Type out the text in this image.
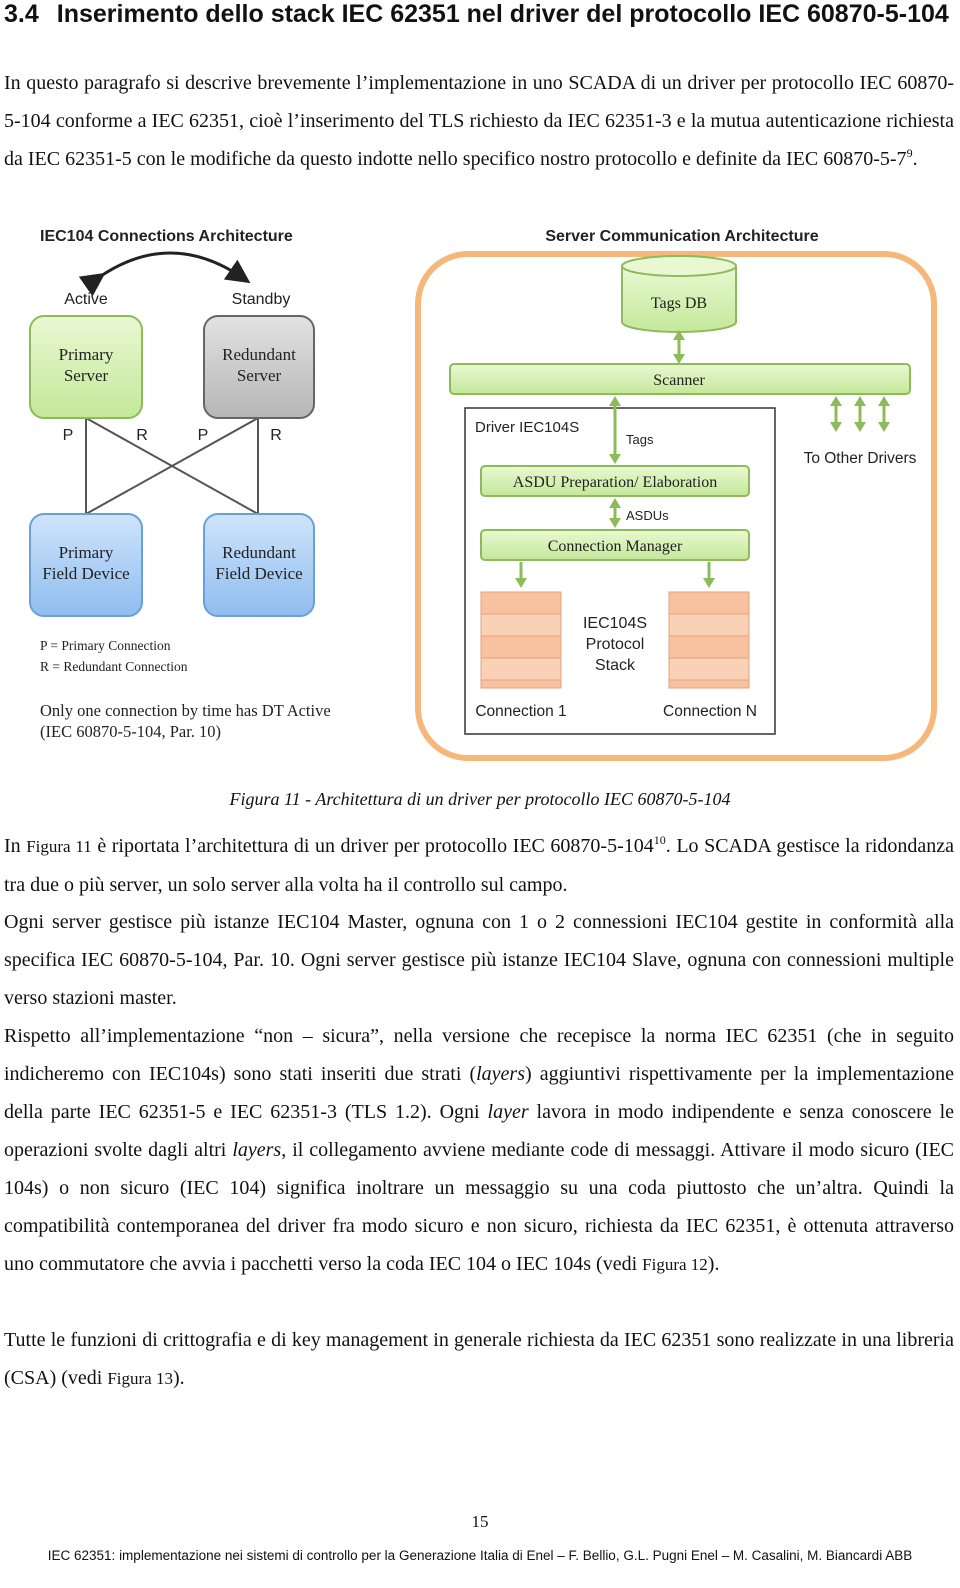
3.4 Inserimento dello stack IEC 62351 nel driver del protocollo IEC 60870-5-104

In questo paragrafo si descrive brevemente l’implementazione in uno SCADA di un driver per protocollo IEC 60870-5-104 conforme a IEC 62351, cioè l’inserimento del TLS richiesto da IEC 62351-3 e la mutua autenticazione richiesta da IEC 62351-5 con le modifiche da questo indotte nello specifico nostro protocollo e definite da IEC $60870-5-7^9$.

IEC104 Connections Architecture
Active	Standby
Primary
Server
Redundant
Server
P	R	P	R
Primary
Field Device
Redundant
Field Device
P = Primary Connection
R = Redundant Connection
Only one connection by time has DT Active
(IEC 60870-5-104, Par. 10)
Server Communication Architecture
Tags DB
Scanner
Driver IEC104S
Tags
To Other Drivers
ASDU Preparation/ Elaboration
ASDUs
Connection Manager
IEC104S
Protocol
Stack
Connection 1	Connection N

Figura 11 - Architettura di un driver per protocollo IEC 60870-5-104

In Figura 11 è riportata l’architettura di un driver per protocollo IEC $60870-5-104^{10}$. Lo SCADA gestisce la ridondanza tra due o più server, un solo server alla volta ha il controllo sul campo.

Ogni server gestisce più istanze IEC104 Master, ognuna con 1 o 2 connessioni IEC104 gestite in conformità alla specifica IEC 60870-5-104, Par. 10. Ogni server gestisce più istanze IEC104 Slave, ognuna con connessioni multiple verso stazioni master.

Rispetto all’implementazione “non – sicura”, nella versione che recepisce la norma IEC 62351 (che in seguito indicheremo con IEC104s) sono stati inseriti due strati (layers) aggiuntivi rispettivamente per la implementazione della parte IEC 62351-5 e IEC 62351-3 (TLS 1.2). Ogni layer lavora in modo indipendente e senza conoscere le operazioni svolte dagli altri layers, il collegamento avviene mediante code di messaggi. Attivare il modo sicuro (IEC 104s) o non sicuro (IEC 104) significa inoltrare un messaggio su una coda piuttosto che un’altra. Quindi la compatibilità contemporanea del driver fra modo sicuro e non sicuro, richiesta da IEC 62351, è ottenuta attraverso uno commutatore che avvia i pacchetti verso la coda IEC 104 o IEC 104s (vedi Figura 12).

Tutte le funzioni di crittografia e di key management in generale richiesta da IEC 62351 sono realizzate in una libreria (CSA) (vedi Figura 13).

15

IEC 62351: implementazione nei sistemi di controllo per la Generazione Italia di Enel – F. Bellio, G.L. Pugni Enel – M. Casalini, M. Biancardi ABB
